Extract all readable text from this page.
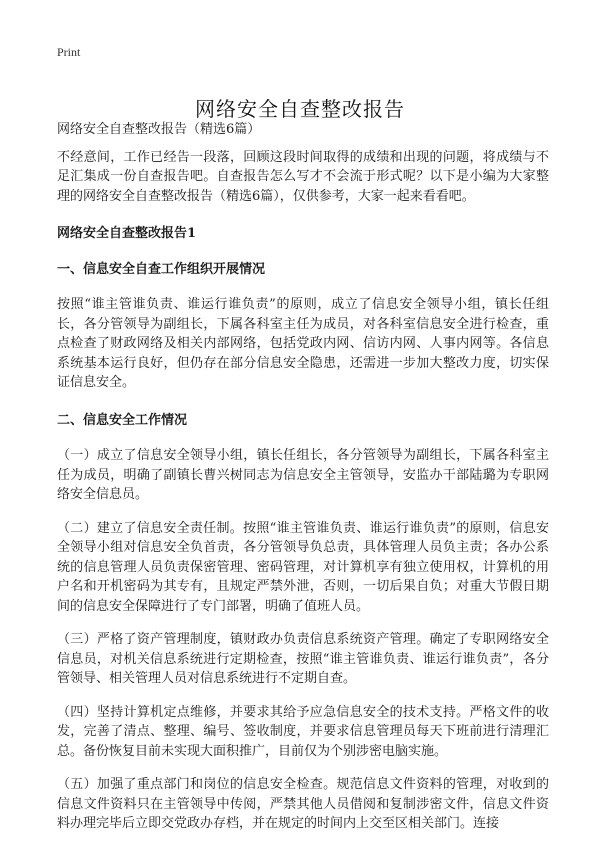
Print
网络安全自查整改报告

网络安全自查整改报告（精选6篇）

不经意间，工作已经告一段落，回顾这段时间取得的成绩和出现的问题，将成绩与不足汇集成一份自查报告吧。自查报告怎么写才不会流于形式呢？以下是小编为大家整理的网络安全自查整改报告（精选6篇），仅供参考，大家一起来看看吧。

网络安全自查整改报告1

一、信息安全自查工作组织开展情况

按照“谁主管谁负责、谁运行谁负责”的原则，成立了信息安全领导小组，镇长任组长，各分管领导为副组长，下属各科室主任为成员，对各科室信息安全进行检查，重点检查了财政网络及相关内部网络，包括党政内网、信访内网、人事内网等。各信息系统基本运行良好，但仍存在部分信息安全隐患，还需进一步加大整改力度，切实保证信息安全。

二、信息安全工作情况

（一）成立了信息安全领导小组，镇长任组长，各分管领导为副组长，下属各科室主任为成员，明确了副镇长曹兴树同志为信息安全主管领导，安监办干部陆璐为专职网络安全信息员。

（二）建立了信息安全责任制。按照“谁主管谁负责、谁运行谁负责”的原则，信息安全领导小组对信息安全负首责，各分管领导负总责，具体管理人员负主责；各办公系统的信息管理人员负责保密管理、密码管理，对计算机享有独立使用权，计算机的用户名和开机密码为其专有，且规定严禁外泄，否则，一切后果自负；对重大节假日期间的信息安全保障进行了专门部署，明确了值班人员。

（三）严格了资产管理制度，镇财政办负责信息系统资产管理。确定了专职网络安全信息员，对机关信息系统进行定期检查，按照“谁主管谁负责、谁运行谁负责”，各分管领导、相关管理人员对信息系统进行不定期自查。

（四）坚持计算机定点维修，并要求其给予应急信息安全的技术支持。严格文件的收发，完善了清点、整理、编号、签收制度，并要求信息管理员每天下班前进行清理汇总。备份恢复目前未实现大面积推广，目前仅为个别涉密电脑实施。

（五）加强了重点部门和岗位的信息安全检查。规范信息文件资料的管理，对收到的信息文件资料只在主管领导中传阅，严禁其他人员借阅和复制涉密文件，信息文件资料办理完毕后立即交党政办存档，并在规定的时间内上交至区相关部门。连接
